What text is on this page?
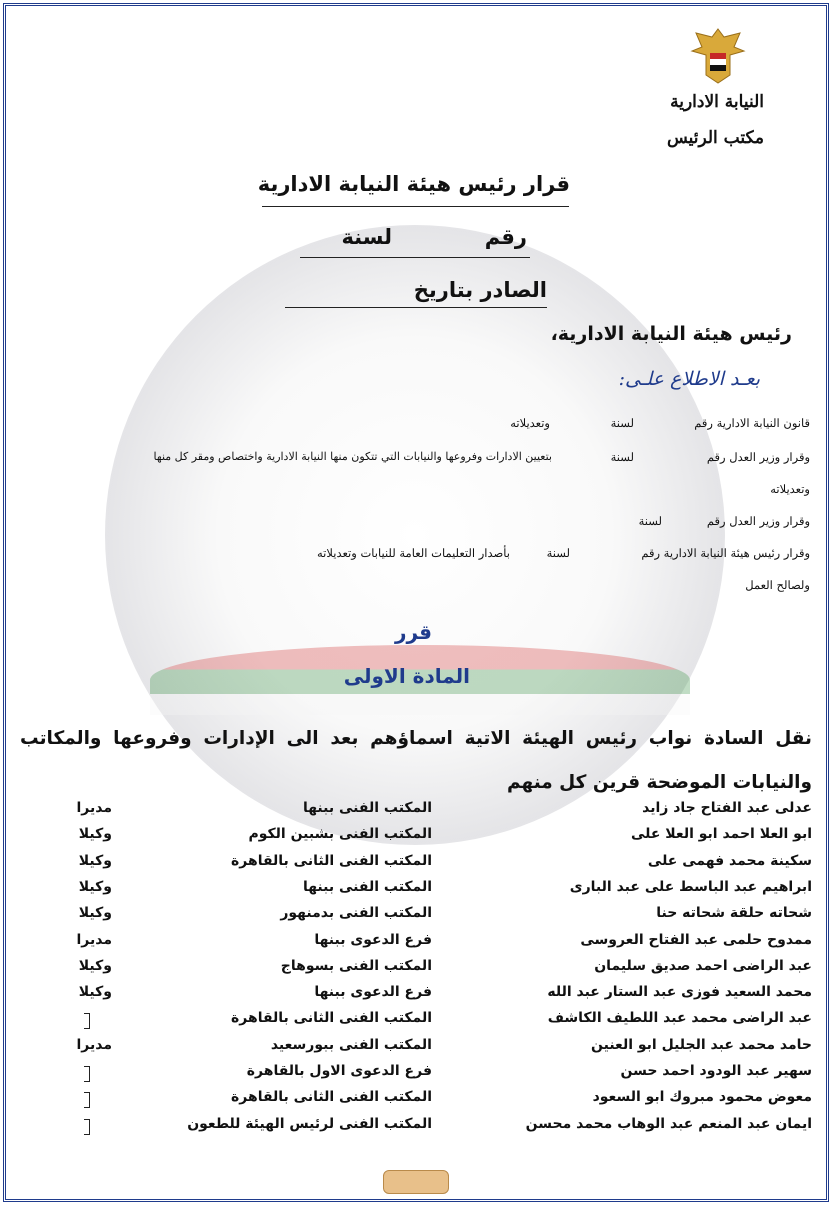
النيابة الادارية
مكتب الرئيس
قرار رئيس هيئة النيابة الادارية
رقم
لسنة
الصادر بتاريخ
رئيس هيئة النيابة الادارية،
بعـد الاطلاع علـى:
قانون النيابة الادارية رقم
لسنة
وتعديلاته
وقرار وزير العدل رقم
لسنة
بتعيين الادارات وفروعها والنيابات التي تتكون منها النيابة الادارية واختصاص ومقر كل منها
وتعديلاته
وقرار وزير العدل رقم
لسنة
وقرار رئيس هيئة النيابة الادارية رقم
لسنة
بأصدار التعليمات العامة للنيابات وتعديلاته
ولصالح العمل
قرر
المادة الاولى
نقل السادة نواب رئيس الهيئة الاتية اسماؤهم بعد الى الإدارات وفروعها والمكاتب
والنيابات الموضحة قرين كل منهم
عدلى عبد الفتاح جاد زايد
المكتب الفنى ببنها
مديرا
ابو العلا احمد ابو العلا على
المكتب الفنى بشبين الكوم
وكيلا
سكينة محمد فهمى على
المكتب الفنى الثانى بالقاهرة
وكيلا
ابراهيم عبد الباسط على عبد البارى
المكتب الفنى ببنها
وكيلا
شحاته حلقة شحاته حنا
المكتب الفنى بدمنهور
وكيلا
ممدوح حلمى عبد الفتاح العروسى
فرع الدعوى ببنها
مديرا
عبد الراضى احمد صديق سليمان
المكتب الفنى بسوهاج
وكيلا
محمد السعيد فوزى عبد الستار عبد الله
فرع الدعوى ببنها
وكيلا
عبد الراضى محمد عبد اللطيف الكاشف
المكتب الفنى الثانى بالقاهرة
حامد محمد عبد الجليل ابو العنين
المكتب الفنى ببورسعيد
مديرا
سهير عبد الودود احمد حسن
فرع الدعوى الاول بالقاهرة
معوض محمود مبروك ابو السعود
المكتب الفنى الثانى بالقاهرة
ايمان عبد المنعم عبد الوهاب محمد محسن
المكتب الفنى لرئيس الهيئة للطعون
